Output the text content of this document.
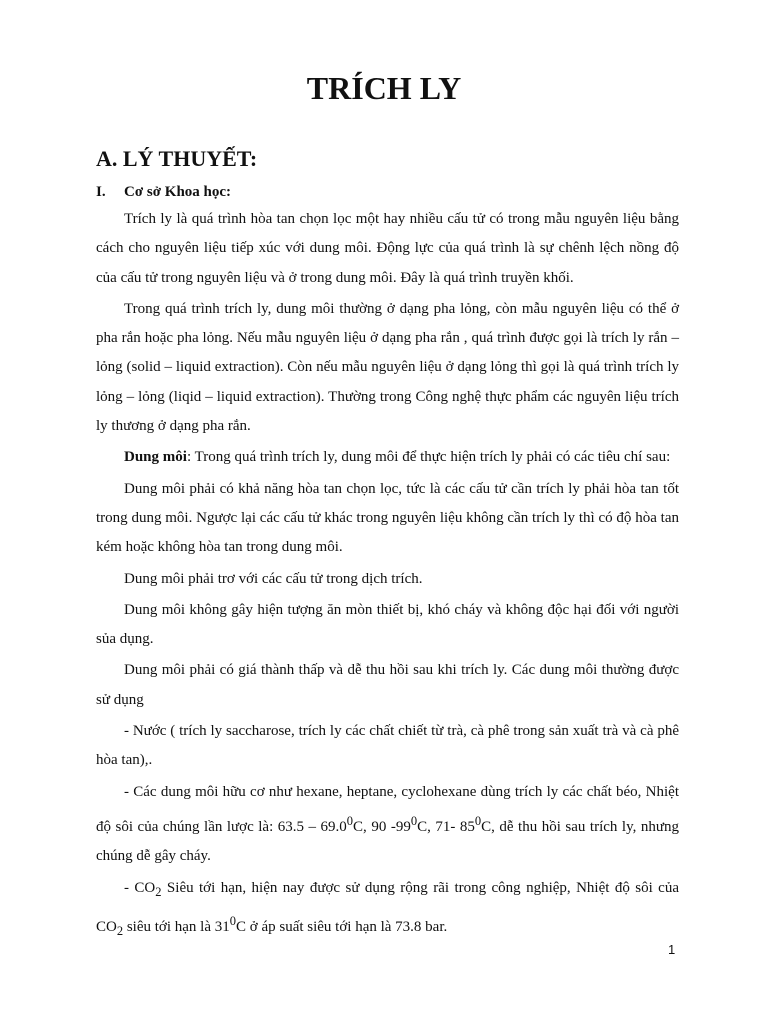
TRÍCH LY
A. LÝ THUYẾT:
I. Cơ sở Khoa học:

Trích ly là quá trình hòa tan chọn lọc một hay nhiều cấu tử có trong mẫu nguyên liệu bằng cách cho nguyên liệu tiếp xúc với dung môi. Động lực của quá trình là sự chênh lệch nồng độ của cấu tử trong nguyên liệu và ở trong dung môi. Đây là quá trình truyền khối.

Trong quá trình trích ly, dung môi thường ở dạng pha lỏng, còn mẫu nguyên liệu có thể ở pha rắn hoặc pha lỏng. Nếu mẫu nguyên liệu ở dạng pha rắn , quá trình được gọi là trích ly rắn – lỏng (solid – liquid extraction). Còn nếu mẫu nguyên liệu ở dạng lỏng thì gọi là quá trình trích ly lỏng – lỏng (liqid – liquid extraction). Thường trong Công nghệ thực phẩm các nguyên liệu trích ly thương ở dạng pha rắn.

Dung môi: Trong quá trình trích ly, dung môi để thực hiện trích ly phải có các tiêu chí sau:

Dung môi phải có khả năng hòa tan chọn lọc, tức là các cấu tử cần trích ly phải hòa tan tốt trong dung môi. Ngược lại các cấu tử khác trong nguyên liệu không cần trích ly thì có độ hòa tan kém hoặc không hòa tan trong dung môi.

Dung môi phải trơ với các cấu tử trong dịch trích.

Dung môi không gây hiện tượng ăn mòn thiết bị, khó cháy và không độc hại đối với người sủa dụng.

Dung môi phải có giá thành thấp và dễ thu hồi sau khi trích ly. Các dung môi thường được sử dụng

- Nước ( trích ly saccharose, trích ly các chất chiết từ trà, cà phê trong sản xuất trà và cà phê hòa tan),.

- Các dung môi hữu cơ như hexane, heptane, cyclohexane dùng trích ly các chất béo, Nhiệt độ sôi của chúng lần lược là: 63.5 – 69.0$^0$C, 90 $-99^0C$, 71- $85^0C$, dễ thu hồi sau trích ly, nhưng chúng dễ gây cháy.

- $CO_2$ Siêu tới hạn, hiện nay được sử dụng rộng rãi trong công nghiệp, Nhiệt độ sôi của $CO_2$ siêu tới hạn là $31^0C$ ở áp suất siêu tới hạn là 73.8 bar.

1
